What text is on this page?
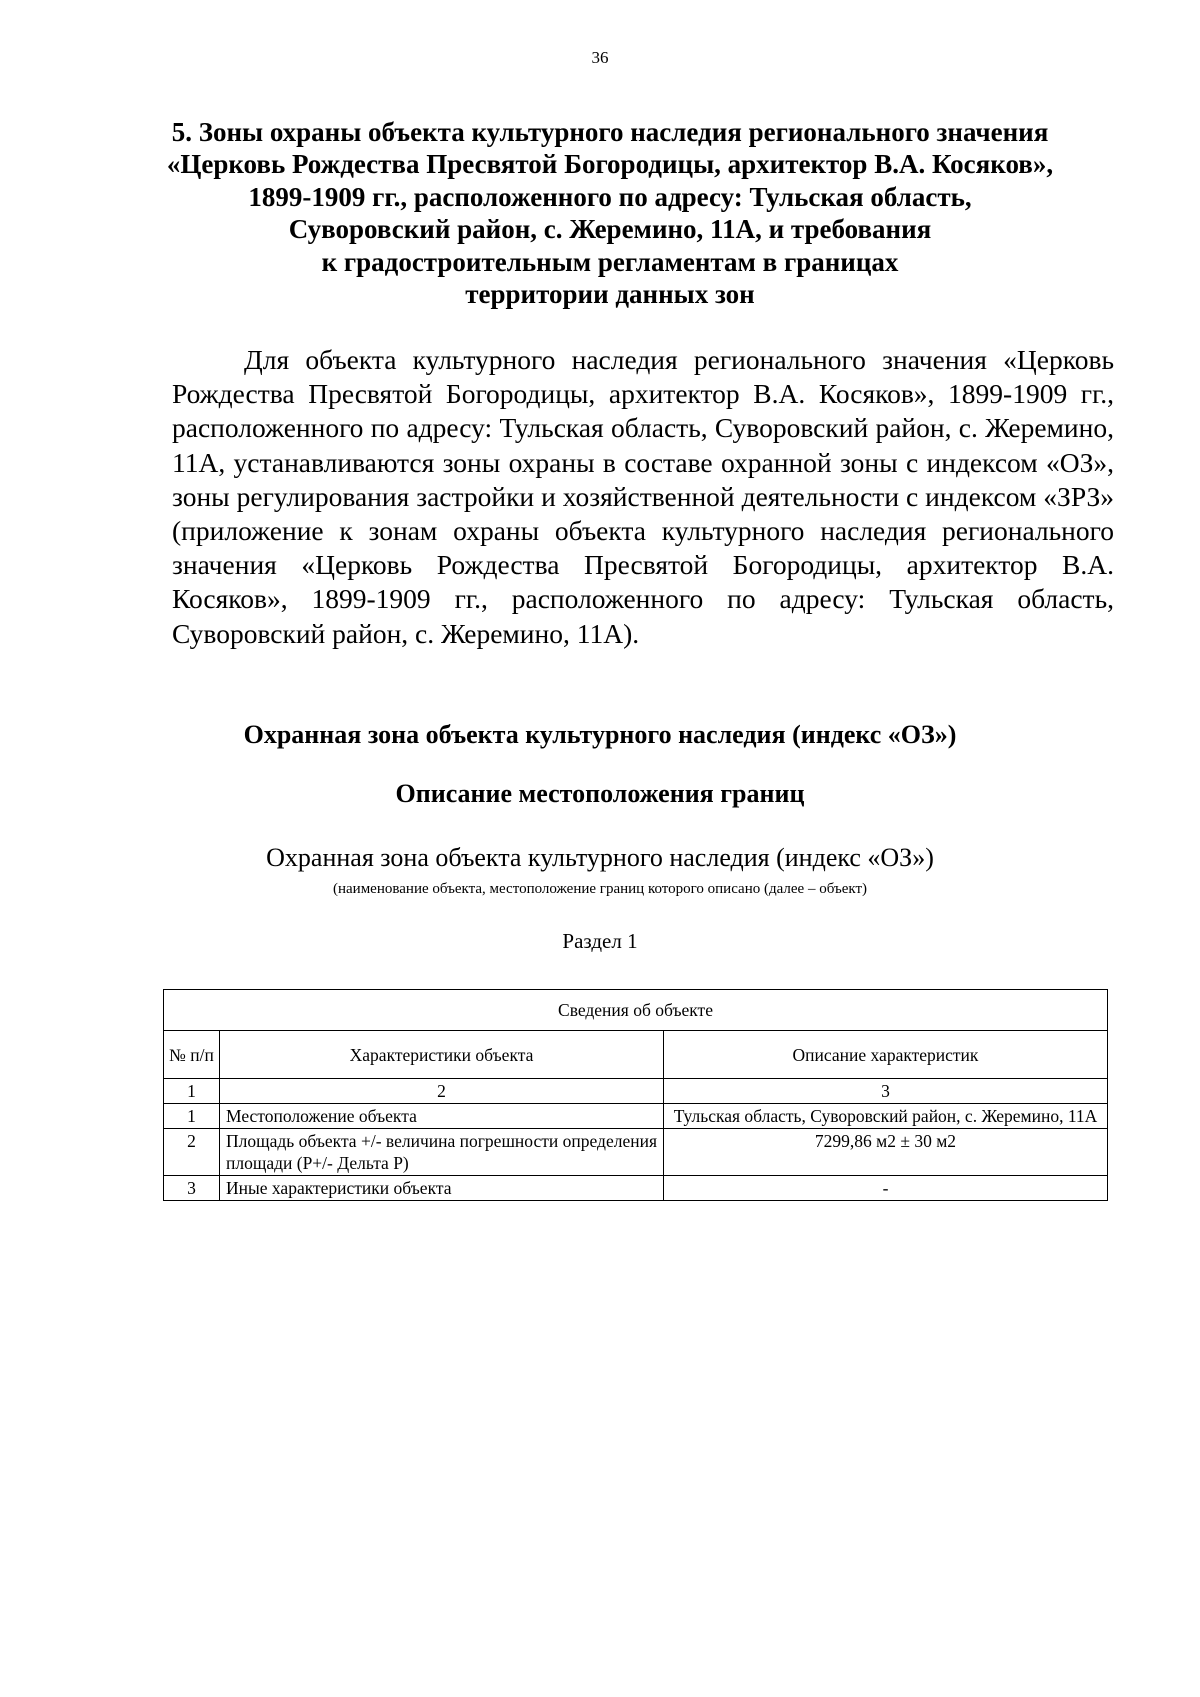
36
5. Зоны охраны объекта культурного наследия регионального значения
«Церковь Рождества Пресвятой Богородицы, архитектор В.А. Косяков»,
1899-1909 гг., расположенного по адресу: Тульская область,
Суворовский район, с. Жеремино, 11А, и требования
к градостроительным регламентам в границах
территории данных зон

Для объекта культурного наследия регионального значения «Церковь Рождества Пресвятой Богородицы, архитектор В.А. Косяков», 1899-1909 гг., расположенного по адресу: Тульская область, Суворовский район, с. Жеремино, 11А, устанавливаются зоны охраны в составе охранной зоны с индексом «ОЗ», зоны регулирования застройки и хозяйственной деятельности с индексом «ЗРЗ» (приложение к зонам охраны объекта культурного наследия регионального значения «Церковь Рождества Пресвятой Богородицы, архитектор В.А. Косяков», 1899-1909 гг., расположенного по адресу: Тульская область, Суворовский район, с. Жеремино, 11А).

Охранная зона объекта культурного наследия (индекс «ОЗ»)
Описание местоположения границ
Охранная зона объекта культурного наследия (индекс «ОЗ»)
(наименование объекта, местоположение границ которого описано (далее – объект)
Раздел 1
Сведения об объекте		
№ п/п	Характеристики объекта	Описание характеристик
1	2	3
1	Местоположение объекта	Тульская область, Суворовский район, с. Жеремино, 11А
2	Площадь объекта +/- величина погрешности определения площади (Р+/- Дельта Р)	7299,86 м2 ± 30 м2
3	Иные характеристики объекта	-
